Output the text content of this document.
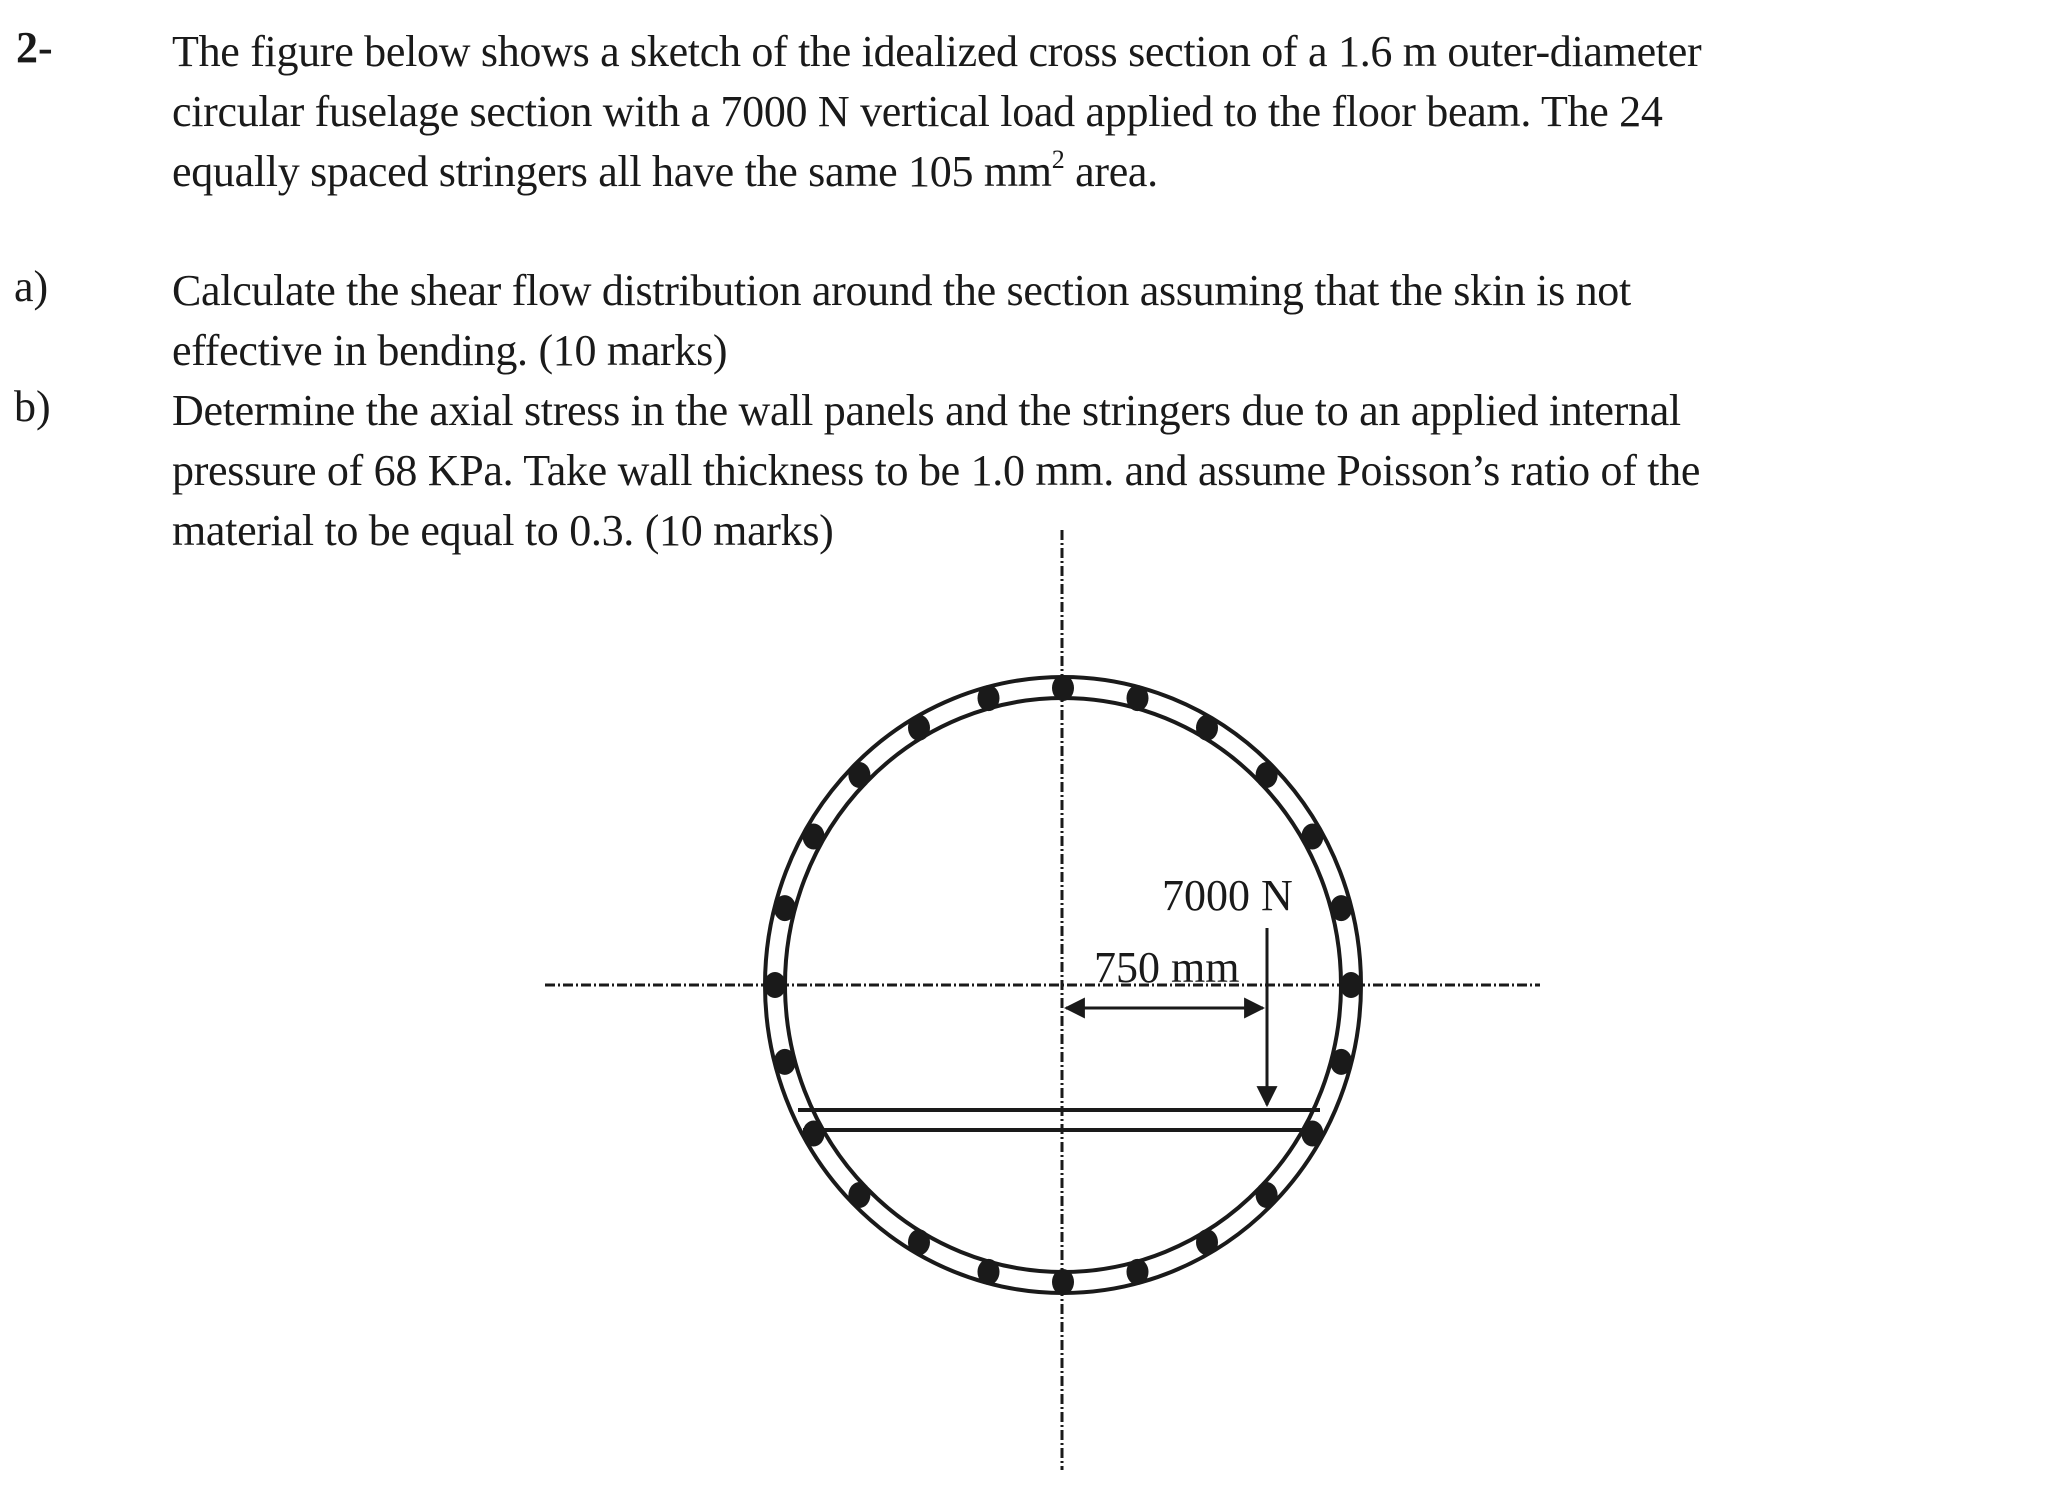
2-	The figure below shows a sketch of the idealized cross section of a 1.6 m outer-diameter
circular fuselage section with a 7000 N vertical load applied to the floor beam. The 24
equally spaced stringers all have the same 105 $mm^2$ area.
a)	Calculate the shear flow distribution around the section assuming that the skin is not
effective in bending. (10 marks)
b)	Determine the axial stress in the wall panels and the stringers due to an applied internal
pressure of 68 KPa. Take wall thickness to be 1.0 mm. and assume Poisson’s ratio of the
material to be equal to 0.3. (10 marks)
7000 N
750 mm
